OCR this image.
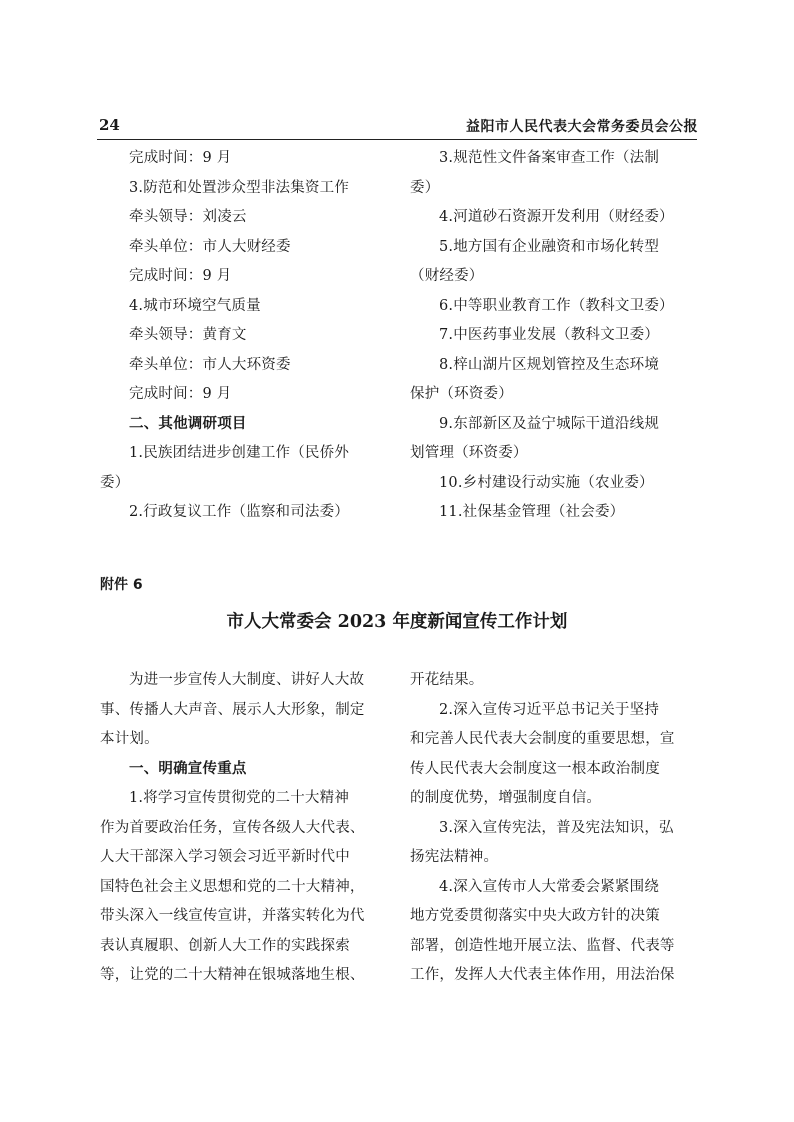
24	益阳市人民代表大会常务委员会公报

完成时间：9 月

3.防范和处置涉众型非法集资工作

牵头领导：刘凌云

牵头单位：市人大财经委

完成时间：9 月

4.城市环境空气质量

牵头领导：黄育文

牵头单位：市人大环资委

完成时间：9 月

二、其他调研项目

1.民族团结进步创建工作（民侨外

委）

2.行政复议工作（监察和司法委）

3.规范性文件备案审查工作（法制

委）

4.河道砂石资源开发利用（财经委）

5.地方国有企业融资和市场化转型

（财经委）

6.中等职业教育工作（教科文卫委）

7.中医药事业发展（教科文卫委）

8.梓山湖片区规划管控及生态环境

保护（环资委）

9.东部新区及益宁城际干道沿线规

划管理（环资委）

10.乡村建设行动实施（农业委）

11.社保基金管理（社会委）

附件 6
市人大常委会 2023 年度新闻宣传工作计划

为进一步宣传人大制度、讲好人大故

事、传播人大声音、展示人大形象，制定

本计划。

一、明确宣传重点

1.将学习宣传贯彻党的二十大精神

作为首要政治任务，宣传各级人大代表、

人大干部深入学习领会习近平新时代中

国特色社会主义思想和党的二十大精神，

带头深入一线宣传宣讲，并落实转化为代

表认真履职、创新人大工作的实践探索

等，让党的二十大精神在银城落地生根、

开花结果。

2.深入宣传习近平总书记关于坚持

和完善人民代表大会制度的重要思想，宣

传人民代表大会制度这一根本政治制度

的制度优势，增强制度自信。

3.深入宣传宪法，普及宪法知识，弘

扬宪法精神。

4.深入宣传市人大常委会紧紧围绕

地方党委贯彻落实中央大政方针的决策

部署，创造性地开展立法、监督、代表等

工作，发挥人大代表主体作用，用法治保
